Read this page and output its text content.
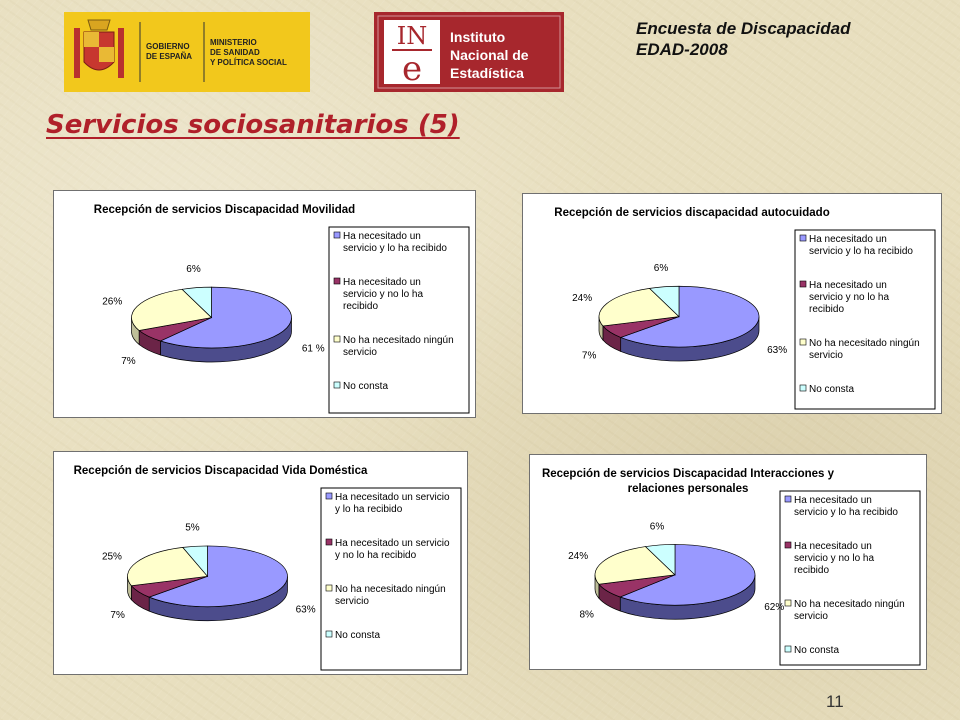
GOBIERNO
DE ESPAÑA
MINISTERIO
DE SANIDAD
Y POLÍTICA SOCIAL
IN
e
Instituto
Nacional de
Estadística
Encuesta de Discapacidad
EDAD-2008
Servicios sociosanitarios (5)
Recepción de servicios Discapacidad Movilidad
Ha necesitado un
servicio y lo ha recibido
Ha necesitado un
servicio y no lo ha
recibido
No ha necesitado ningún
servicio
No consta
61 %
7%
26%
6%
Recepción de servicios discapacidad autocuidado
Ha necesitado un
servicio y lo ha recibido
Ha necesitado un
servicio y no lo ha
recibido
No ha necesitado ningún
servicio
No consta
63%
7%
24%
6%
Recepción de servicios Discapacidad Vida Doméstica
Ha necesitado un servicio
y lo ha recibido
Ha necesitado un servicio
y no lo ha recibido
No ha necesitado ningún
servicio
No consta
63%
7%
25%
5%
Recepción de servicios Discapacidad Interacciones y
relaciones personales
Ha necesitado un
servicio y lo ha recibido
Ha necesitado un
servicio y no lo ha
recibido
No ha necesitado ningún
servicio
No consta
62%
8%
24%
6%
11
